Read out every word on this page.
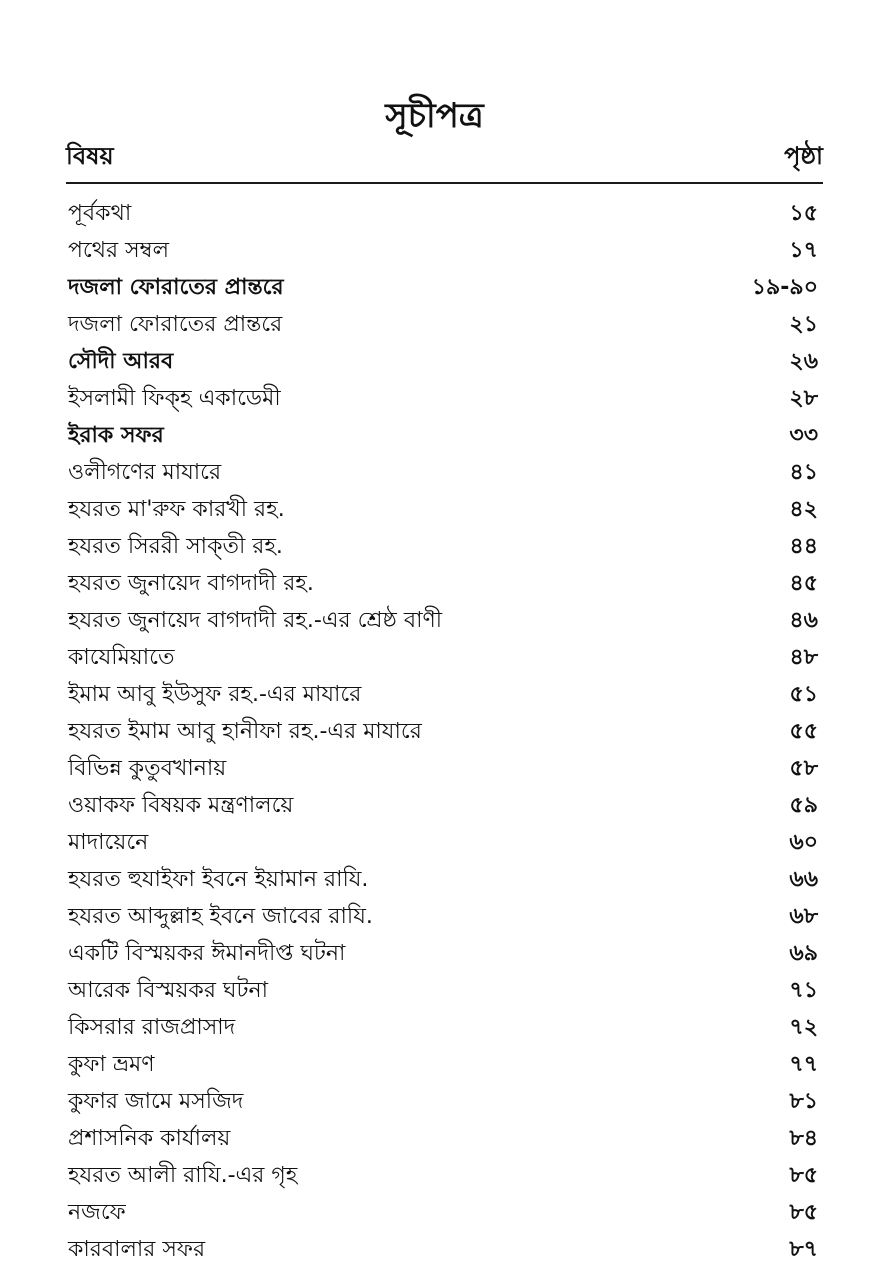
সূচীপত্র
বিষয়	পৃষ্ঠা
পূর্বকথা	১৫
পথের সম্বল	১৭
দজলা ফোরাতের প্রান্তরে	১৯-৯০
দজলা ফোরাতের প্রান্তরে	২১
সৌদী আরব	২৬
ইসলামী ফিক্‌হ একাডেমী	২৮
ইরাক সফর	৩৩
ওলীগণের মাযারে	৪১
হযরত মা'রুফ কারখী রহ.	৪২
হযরত সিররী সাক্‌তী রহ.	৪৪
হযরত জুনায়েদ বাগদাদী রহ.	৪৫
হযরত জুনায়েদ বাগদাদী রহ.-এর শ্রেষ্ঠ বাণী	৪৬
কাযেমিয়াতে	৪৮
ইমাম আবু ইউসুফ রহ.-এর মাযারে	৫১
হযরত ইমাম আবু হানীফা রহ.-এর মাযারে	৫৫
বিভিন্ন কুতুবখানায়	৫৮
ওয়াকফ বিষয়ক মন্ত্রণালয়ে	৫৯
মাদায়েনে	৬০
হযরত হুযাইফা ইবনে ইয়ামান রাযি.	৬৬
হযরত আব্দুল্লাহ ইবনে জাবের রাযি.	৬৮
একটি বিস্ময়কর ঈমানদীপ্ত ঘটনা	৬৯
আরেক বিস্ময়কর ঘটনা	৭১
কিসরার রাজপ্রাসাদ	৭২
কুফা ভ্রমণ	৭৭
কুফার জামে মসজিদ	৮১
প্রশাসনিক কার্যালয়	৮৪
হযরত আলী রাযি.-এর গৃহ	৮৫
নজফে	৮৫
কারবালার সফর	৮৭
